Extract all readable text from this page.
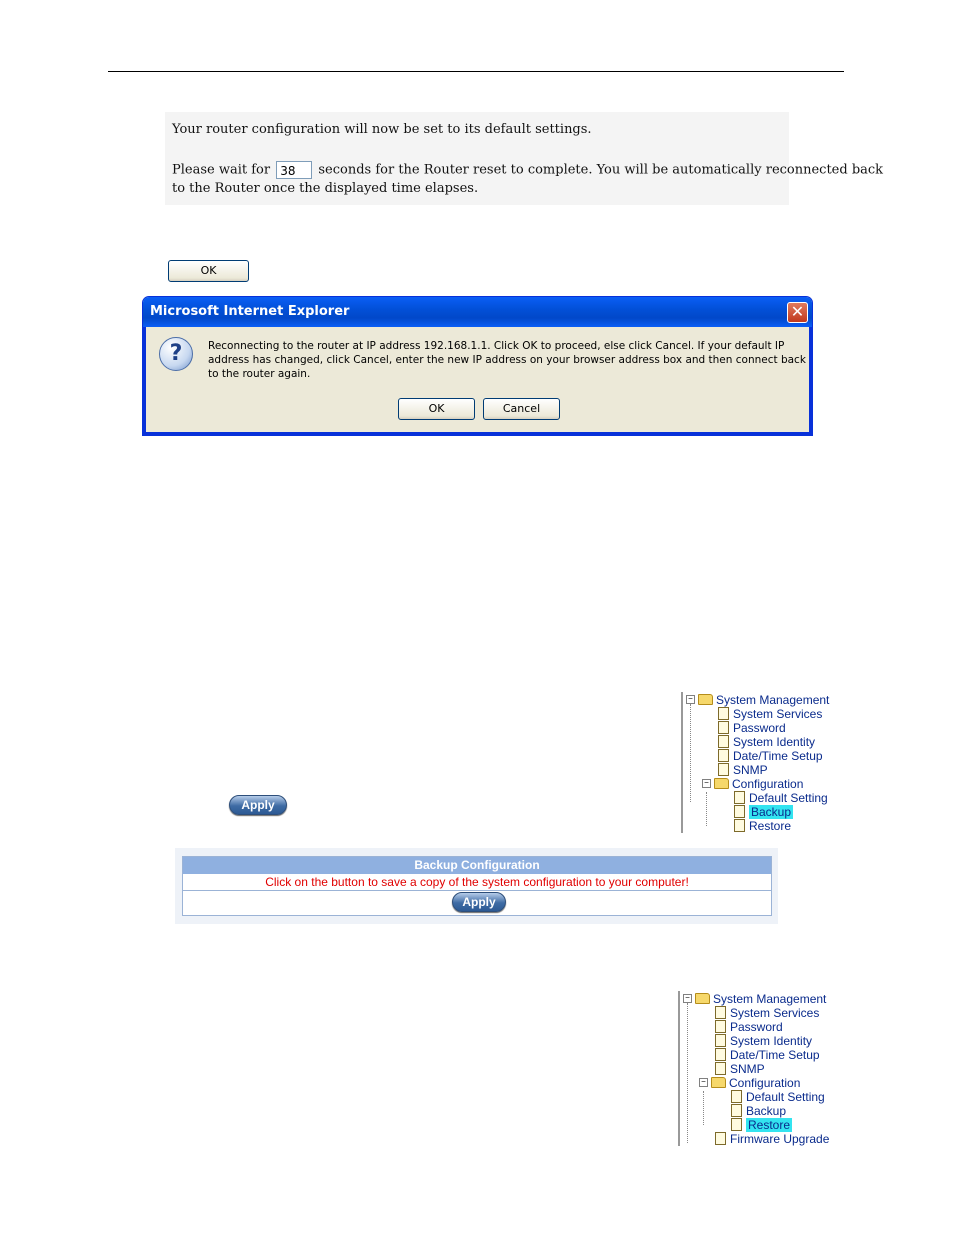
Your router configuration will now be set to its default settings.
Please wait for 38 seconds for the Router reset to complete. You will be automatically reconnected back
to the Router once the displayed time elapses.
OK
Microsoft Internet Explorer	✕
?	Reconnecting to the router at IP address 192.168.1.1. Click OK to proceed, else click Cancel. If your default IP address has changed, click Cancel, enter the new IP address on your browser address box and then connect back to the router again.
OK	Cancel
− System Management
System Services
Password
System Identity
Date/Time Setup
SNMP
− Configuration
Default Setting
Backup
Restore
Apply
Backup Configuration
Click on the button to save a copy of the system configuration to your computer!
Apply
− System Management
System Services
Password
System Identity
Date/Time Setup
SNMP
− Configuration
Default Setting
Backup
Restore
Firmware Upgrade
